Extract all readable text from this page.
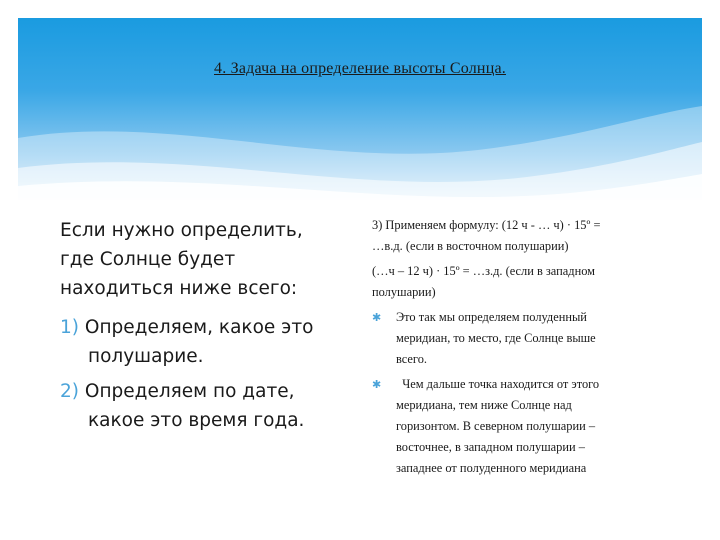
4. Задача на определение высоты Солнца.

Если нужно определить,
где Солнце будет
находиться ниже всего:

1) Определяем, какое это
полушарие.
2) Определяем по дате,
какое это время года.

3) Применяем формулу: (12 ч - … ч) · 15º =
…в.д. (если в восточном полушарии)

(…ч – 12 ч) · 15º = …з.д. (если в западном
полушарии)

✱ Это так мы определяем полуденный
меридиан, то место, где Солнце выше
всего.
✱ Чем дальше точка находится от этого
меридиана, тем ниже Солнце над
горизонтом. В северном полушарии –
восточнее, в западном полушарии –
западнее от полуденного меридиана
